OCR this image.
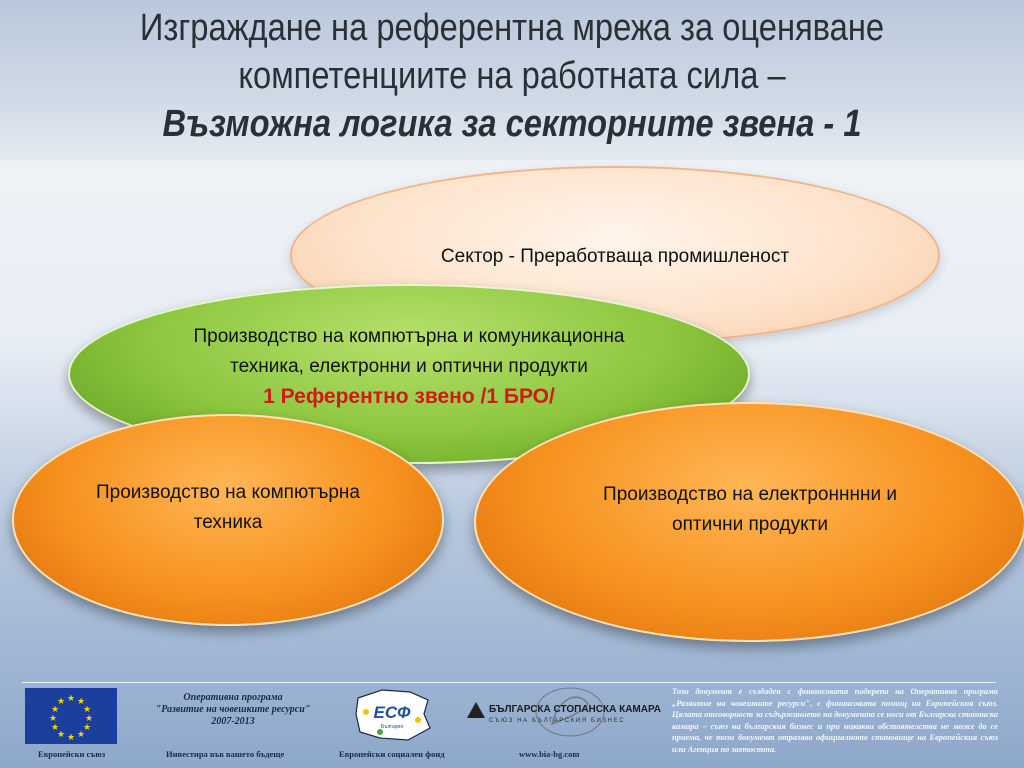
Изграждане на референтна мрежа за оценяване
компетенциите на работната сила –
Възможна логика за секторните звена - 1
Сектор - Преработваща промишленост
Производство на компютърна и комуникационна
техника, електронни и оптични продукти
1 Референтно звено /1 БРО/
Производство на компютърна
техника
Производство на електронннни и
оптични продукти
★ ★
★
★
★
★
★
★
★
★
★
★	Оперативна програма
"Развитие на човешките ресурси"
2007-2013	ЕСФ
България
БЪЛГАРСКА СТОПАНСКА КАМАРА
СЪЮЗ НА БЪЛГАРСКИЯ БИЗНЕС
Този документ е създаден с финансовата подкрепа на Оперативна програма „Развитие на човешките ресурси", с финансовата помощ на Европейския съюз. Цялата отговорност за съдържанието на документа се носи от Българска стопанска камара – съюз на българския бизнес и при никакви обстоятелства не може да се приема, че този документ отразява официалното становище на Европейския съюз или Агенция по заетостта.
Европейски съюз	Инвестира във вашето бъдеще	Европейски социален фонд	www.bia-bg.com
